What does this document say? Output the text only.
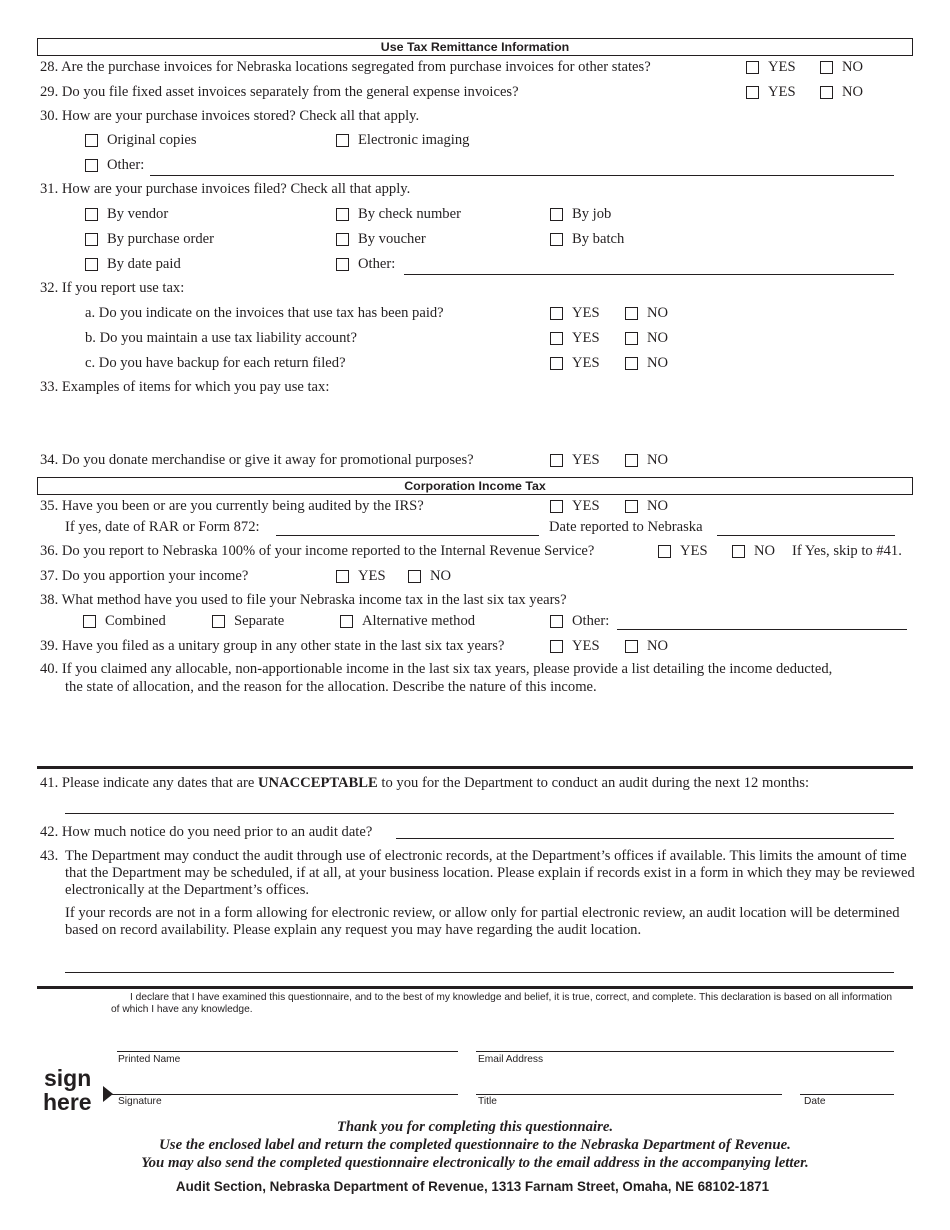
Use Tax Remittance Information
28. Are the purchase invoices for Nebraska locations segregated from purchase invoices for other states?	YES	NO
29. Do you file fixed asset invoices separately from the general expense invoices?	YES	NO
30. How are your purchase invoices stored? Check all that apply.
Original copies	Electronic imaging
Other:
31. How are your purchase invoices filed? Check all that apply.
By vendor	By check number	By job
By purchase order	By voucher	By batch
By date paid	Other:
32. If you report use tax:
a. Do you indicate on the invoices that use tax has been paid?	YES	NO
b. Do you maintain a use tax liability account?	YES	NO
c. Do you have backup for each return filed?	YES	NO
33. Examples of items for which you pay use tax:
34. Do you donate merchandise or give it away for promotional purposes?	YES	NO
Corporation Income Tax
35. Have you been or are you currently being audited by the IRS?	YES	NO
If yes, date of RAR or Form 872:	Date reported to Nebraska
36. Do you report to Nebraska 100% of your income reported to the Internal Revenue Service?	YES	NO If Yes, skip to #41.
37. Do you apportion your income?	YES	NO
38. What method have you used to file your Nebraska income tax in the last six tax years?
Combined	Separate	Alternative method	Other:
39. Have you filed as a unitary group in any other state in the last six tax years?	YES	NO
40. If you claimed any allocable, non-apportionable income in the last six tax years, please provide a list detailing the income deducted,
the state of allocation, and the reason for the allocation. Describe the nature of this income.
41. Please indicate any dates that are UNACCEPTABLE to you for the Department to conduct an audit during the next 12 months:
42. How much notice do you need prior to an audit date?
43. The Department may conduct the audit through use of electronic records, at the Department’s offices if available. This limits the amount of time that the Department may be scheduled, if at all, at your business location. Please explain if records exist in a form in which they may be reviewed electronically at the Department’s offices.
If your records are not in a form allowing for electronic review, or allow only for partial electronic review, an audit location will be determined based on record availability. Please explain any request you may have regarding the audit location.
I declare that I have examined this questionnaire, and to the best of my knowledge and belief, it is true, correct, and complete. This declaration is based on all information of which I have any knowledge.
sign
here
Printed Name	Email Address
Signature	Title	Date
Thank you for completing this questionnaire.
Use the enclosed label and return the completed questionnaire to the Nebraska Department of Revenue.
You may also send the completed questionnaire electronically to the email address in the accompanying letter.
Audit Section, Nebraska Department of Revenue, 1313 Farnam Street, Omaha, NE 68102-1871
